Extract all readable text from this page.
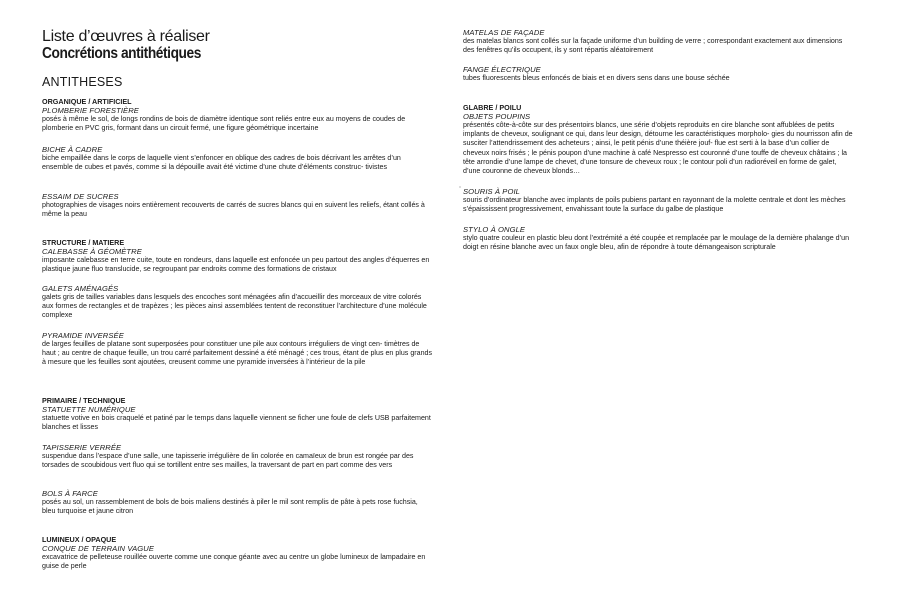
Liste d’œuvres à réaliser
Concrétions antithétiques
ANTITHESES
ORGANIQUE / ARTIFICIEL
PLOMBERIE FORESTIÈRE

posés à même le sol, de longs rondins de bois de diamètre identique sont reliés entre eux au moyens de coudes de plomberie en PVC gris, formant dans un circuit fermé, une figure géométrique incertaine

BICHE À CADRE

biche empaillée dans le corps de laquelle vient s’enfoncer en oblique des cadres de bois décrivant les arrêtes d’un ensemble de cubes et pavés, comme si la dépouille avait été victime d’une chute d’éléments construc- tivistes

ESSAIM DE SUCRES

photographies de visages noirs entièrement recouverts de carrés de sucres blancs qui en suivent les reliefs, étant collés à même la peau

STRUCTURE / MATIERE
CALEBASSE À GÉOMÈTRE

imposante calebasse en terre cuite, toute en rondeurs, dans laquelle est enfoncée un peu partout des angles d’équerres en plastique jaune fluo translucide, se regroupant par endroits comme des formations de cristaux

GALETS AMÉNAGÉS

galets gris de tailles variables dans lesquels des encoches sont ménagées afin d’accueillir des morceaux de vitre colorés aux formes de rectangles et de trapèzes ; les pièces ainsi assemblées tentent de reconstituer l’architecture d’une molécule complexe

PYRAMIDE INVERSÉE

de larges feuilles de platane sont superposées pour constituer une pile aux contours irréguliers de vingt cen- timètres de haut ; au centre de chaque feuille, un trou carré parfaitement dessiné a été ménagé ; ces trous, étant de plus en plus grands à mesure que les feuilles sont ajoutées, creusent comme une pyramide inversées à l’intérieur de la pile

PRIMAIRE / TECHNIQUE
STATUETTE NUMÉRIQUE

statuette votive en bois craquelé et patiné par le temps dans laquelle viennent se ficher une foule de clefs USB parfaitement blanches et lisses

TAPISSERIE VERRÉE

suspendue dans l’espace d’une salle, une tapisserie irrégulière de lin colorée en camaïeux de brun est rongée par des torsades de scoubidous vert fluo qui se tortillent entre ses mailles, la traversant de part en part comme des vers

BOLS À FARCE

posés au sol, un rassemblement de bols de bois maliens destinés à piler le mil sont remplis de pâte à pets rose fuchsia, bleu turquoise et jaune citron

LUMINEUX / OPAQUE
CONQUE DE TERRAIN VAGUE

excavatrice de pelleteuse rouillée ouverte comme une conque géante avec au centre un globe lumineux de lampadaire en guise de perle

MATELAS DE FAÇADE

des matelas blancs sont collés sur la façade uniforme d’un building de verre ; correspondant exactement aux dimensions des fenêtres qu’ils occupent, ils y sont répartis aléatoirement

FANGE ÉLECTRIQUE

tubes fluorescents bleus enfoncés de biais et en divers sens dans une bouse séchée

GLABRE / POILU
OBJETS POUPINS

présentés côte-à-côte sur des présentoirs blancs, une série d’objets reproduits en cire blanche sont affublées de petits implants de cheveux, soulignant ce qui, dans leur design, détourne les caractéristiques morpholo- gies du nourrisson afin de susciter l’attendrissement des acheteurs ; ainsi, le petit pénis d’une théière jouf- flue est serti à la base d’un collier de cheveux noirs frisés ; le pénis poupon d’une machine à café Nespresso est couronné d’une touffe de cheveux châtains ; la tête arrondie d’une lampe de chevet, d’une tonsure de cheveux roux ; le contour poli d’un radioréveil en forme de galet, d’une couronne de cheveux blonds…

SOURIS À POIL

souris d’ordinateur blanche avec implants de poils pubiens partant en rayonnant de la molette centrale et dont les mèches s’épaississent progressivement, envahissant toute la surface du galbe de plastique

STYLO À ONGLE

stylo quatre couleur en plastic bleu dont l’extrémité a été coupée et remplacée par le moulage de la dernière phalange d’un doigt en résine blanche avec un faux ongle bleu, afin de répondre à toute démangeaison scripturale
